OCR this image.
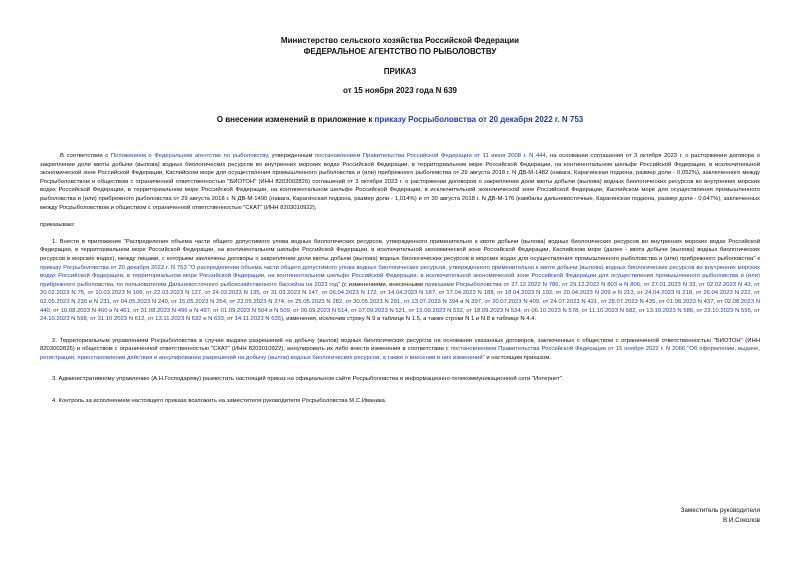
Министерство сельского хозяйства Российской Федерации
ФЕДЕРАЛЬНОЕ АГЕНТСТВО ПО РЫБОЛОВСТВУ
ПРИКАЗ
от 15 ноября 2023 года N 639
О внесении изменений в приложение к приказу Росрыболовства от 20 декабря 2022 г. N 753

В соответствии с Положением о Федеральном агентстве по рыболовству, утвержденным постановлением Правительства Российской Федерации от 11 июня 2008 г. N 444, на основании соглашения от 3 октября 2023 г. о расторжении договора о закреплении доли квоты добычи (вылова) водных биологических ресурсов во внутренних морских водах Российской Федерации, в территориальном море Российской Федерации, на континентальном шельфе Российской Федерации, в исключительной экономической зоне Российской Федерации, Каспийском море для осуществления промышленного рыболовства и (или) прибрежного рыболовства от 29 августа 2018 г. N ДВ-М-1482 (навага, Карагинская подзона, размер доли - 0,052%), заключенного между Росрыболовством и обществом с ограниченной ответственностью "БИОТОН" (ИНН 8203002826) соглашений от 3 октября 2023 г. о расторжении договоров о закреплении доли квоты добычи (вылова) водных биологических ресурсов во внутренних морских водах Российской Федерации, в территориальном море Российской Федерации, на континентальном шельфе Российской Федерации, в исключительной экономической зоне Российской Федерации, Каспийском море для осуществления промышленного рыболовства и (или) прибрежного рыболовства от 29 августа 2018 г. N ДВ-М-1490 (навага, Карагинская подзона, размер доли - 1,014%) и от 30 августа 2018 г. N ДВ-М-176 (камбалы дальневосточные, Карагинская подзона, размер доли - 0,647%), заключенных между Росрыболовством и обществом с ограниченной ответственностью "СКАТ" (ИНН 8203010922),

приказываю:

1. Внести в приложение "Распределение объема части общего допустимого улова водных биологических ресурсов, утвержденного применительно к квоте добычи (вылова) водных биологических ресурсов во внутренних морских водах Российской Федерации, в территориальном море Российской Федерации, на континентальном шельфе Российской Федерации, в исключительной экономической зоне Российской Федерации, Каспийском море (далее - квота добычи (вылова) водных биологических ресурсов в морских водах), между лицами, с которыми заключены договоры о закреплении доли квоты добычи (вылова) водных биологических ресурсов в морских водах для осуществления промышленного рыболовства и (или) прибрежного рыболовства" к приказу Росрыболовства от 20 декабря 2022 г. N 753 "О распределении объема части общего допустимого улова водных биологических ресурсов, утвержденного применительно к квоте добычи (вылова) водных биологических ресурсов во внутренних морских водах Российской Федерации, в территориальном море Российской Федерации, на континентальном шельфе Российской Федерации, в исключительной экономической зоне Российской Федерации для осуществления промышленного рыболовства и (или) прибрежного рыболовства, по пользователям Дальневосточного рыбохозяйственного бассейна на 2023 год" (с изменениями, внесенными приказами Росрыболовства от 27.12.2022 N 786, от 29.12.2022 N 803 и N 806, от 27.01.2023 N 33, от 02.02.2023 N 43, от 20.02.2023 N 75, от 10.03.2023 N 106, от 22.03.2023 N 127, от 24.03.2023 N 135, от 31.03.2023 N 147, от 06.04.2023 N 172, от 14.04.2023 N 187, от 17.04.2023 N 188, от 18.04.2023 N 192, от 20.04.2023 N 209 и N 213, от 24.04.2023 N 218, от 26.04.2023 N 222, от 02.05.2023 N 230 и N 231, от 04.05.2023 N 240, от 15.05.2023 N 254, от 22.05.2023 N 274, от 25.05.2023 N 282, от 30.05.2023 N 291, от 13.07.2023 N 394 и N 397, от 20.07.2023 N 409, от 24.07.2023 N 421, от 28.07.2023 N 435, от 01.08.2023 N 437, от 02.08.2023 N 440, от 16.08.2023 N 460 и N 461, от 31.08.2023 N 496 и N 497, от 01.09.2023 N 504 и N 509, от 06.09.2023 N 514, от 07.09.2023 N 521, от 15.09.2023 N 532, от 18.09.2023 N 534, от 06.10.2023 N 578, от 11.10.2023 N 582, от 13.10.2023 N 586, от 23.10.2023 N 595, от 24.10.2023 N 598, от 31.10.2023 N 612, от 13.11.2023 N 632 и N 633, от 14.11.2023 N 635), изменения, исключив строку N 9 в таблице N 1.5, а также строки N 1 и N 8 в таблице N 4.4.

2. Территориальным управлениям Росрыболовства в случае выдачи разрешений на добычу (вылов) водных биологических ресурсов на основании указанных договоров, заключенных с обществом с ограниченной ответственностью "БИОТОН" (ИНН 8203002826) и обществом с ограниченной ответственностью "СКАТ" (ИНН 8203010922), аннулировать их либо внести изменения в соответствии с постановлением Правительства Российской Федерации от 15 ноября 2022 г. N 2066 "Об оформлении, выдаче, регистрации, приостановлении действия и аннулировании разрешений на добычу (вылов) водных биологических ресурсов, а также о внесении в них изменений" и настоящим приказом.

3. Административному управлению (А.Н.Господарeву) разместить настоящий приказ на официальном сайте Росрыболовства в информационно-телекоммуникационной сети "Интернет".

4. Контроль за исполнением настоящего приказа возложить на заместителя руководителя Росрыболовства М.С.Иваника.

Заместитель руководителя
В.И.Соколов
